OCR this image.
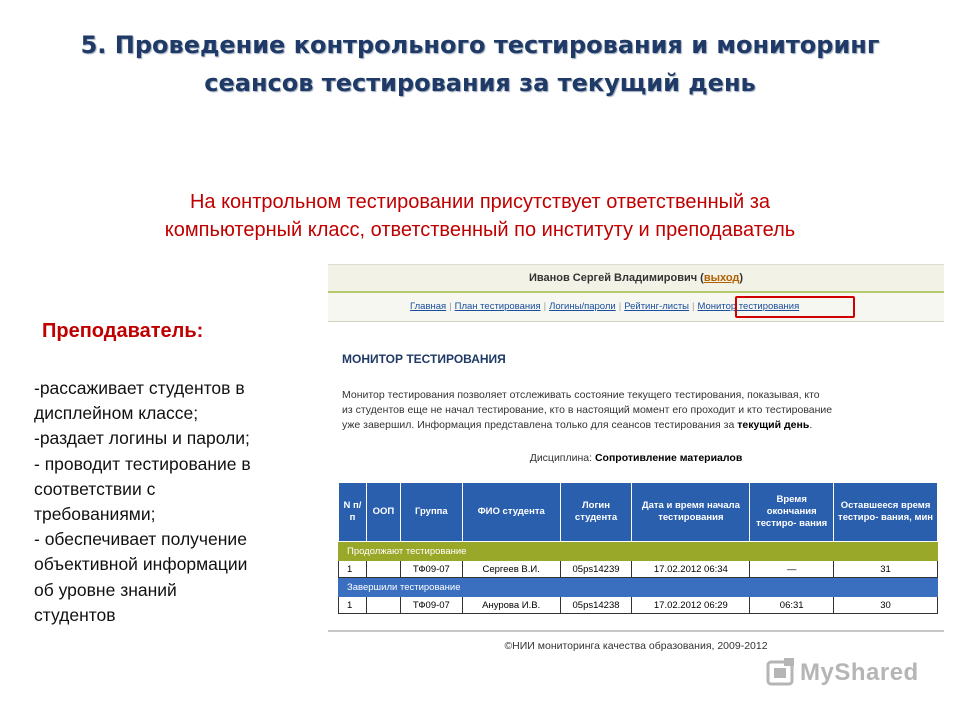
5. Проведение контрольного тестирования и мониторинг
сеансов тестирования за текущий день
На контрольном тестировании присутствует ответственный за
компьютерный класс, ответственный по институту и преподаватель
Преподаватель:
-рассаживает студентов в
дисплейном классе;
-раздает логины и пароли;
- проводит тестирование в
соответствии с
требованиями;
- обеспечивает получение
объективной информации
об уровне знаний
студентов
Иванов Сергей Владимирович (выход)
Главная | План тестирования | Логины/пароли | Рейтинг-листы | Монитор тестирования
МОНИТОР ТЕСТИРОВАНИЯ
Монитор тестирования позволяет отслеживать состояние текущего тестирования, показывая, кто
из студентов еще не начал тестирование, кто в настоящий момент его проходит и кто тестирование
уже завершил. Информация представлена только для сеансов тестирования за текущий день.
Дисциплина: Сопротивление материалов
N п/п	ООП	Группа	ФИО студента	Логин студента	Дата и время начала тестирования	Время окончания тестиро- вания	Оставшееся время тестиро- вания, мин
Продолжают тестирование							
1		ТФ09-07	Сергеев В.И.	05ps14239	17.02.2012 06:34	—	31
Завершили тестирование							
1		ТФ09-07	Анурова И.В.	05ps14238	17.02.2012 06:29	06:31	30
©НИИ мониторинга качества образования, 2009-2012
MyShared
